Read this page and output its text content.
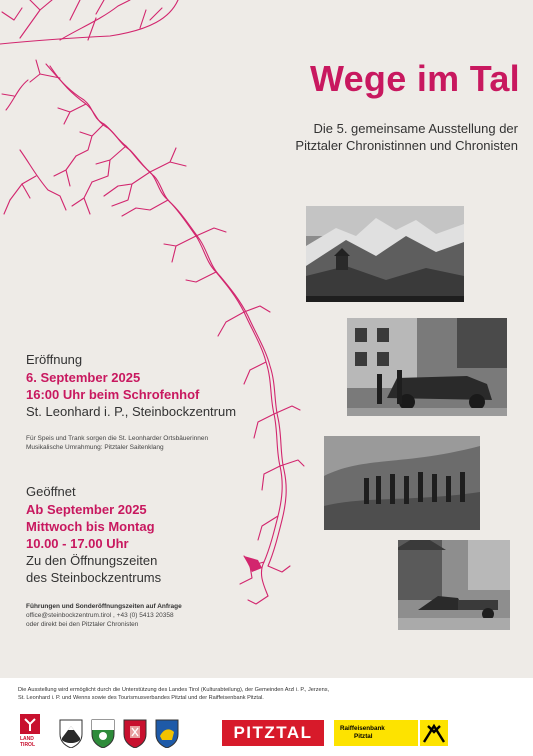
Wege im Tal
Die 5. gemeinsame Ausstellung der
Pitztaler Chronistinnen und Chronisten
Eröffnung
6. September 2025
16:00 Uhr beim Schrofenhof
St. Leonhard i. P., Steinbockzentrum
Für Speis und Trank sorgen die St. Leonharder Ortsbäuerinnen
Musikalische Umrahmung: Pitztaler Saitenklang
Geöffnet
Ab September 2025
Mittwoch bis Montag
10.00 - 17.00 Uhr
Zu den Öffnungszeiten
des Steinbockzentrums
Führungen und Sonderöffnungszeiten auf Anfrage
office@steinbockzentrum.tirol , +43 (0) 5413 20358
oder direkt bei den Pitztaler Chronisten
Die Ausstellung wird ermöglicht durch die Unterstützung des Landes Tirol (Kulturabteilung), der Gemeinden Arzl i. P., Jerzens,
St. Leonhard i. P. und Wenns sowie des Tourismusverbandes Pitztal und der Raiffeisenbank Pitztal.
LAND TIROL
PITZTAL	Raiffeisenbank
Pitztal
